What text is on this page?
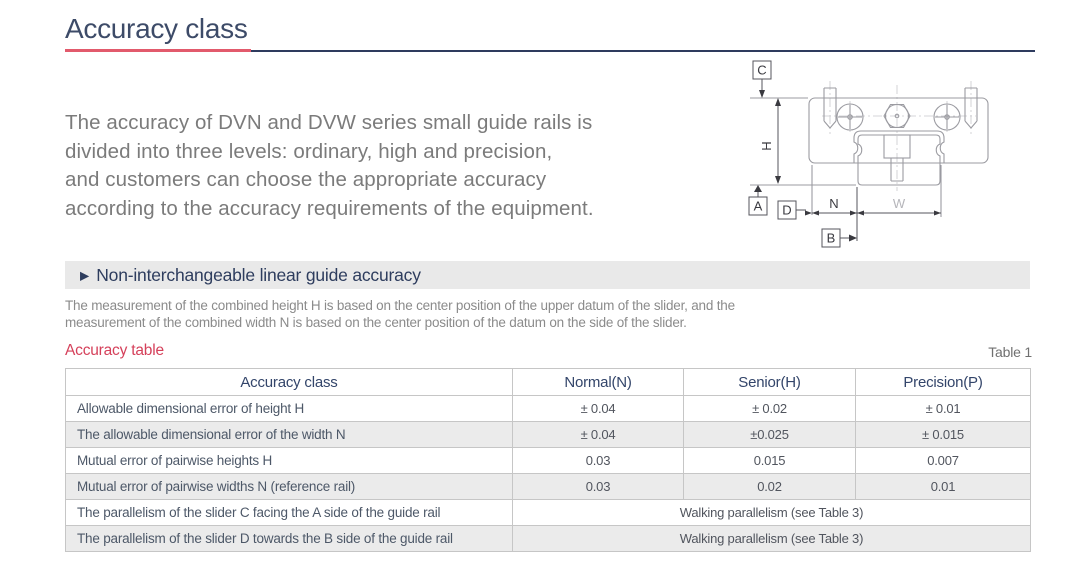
Accuracy class
The accuracy of DVN and DVW series small guide rails is
divided into three levels: ordinary, high and precision,
and customers can choose the appropriate accuracy
according to the accuracy requirements of the equipment.
C
A D
B
H
N	W
▶ Non-interchangeable linear guide accuracy
The measurement of the combined height H is based on the center position of the upper datum of the slider, and the
measurement of the combined width N is based on the center position of the datum on the side of the slider.
Accuracy table	Table 1
Accuracy class	Normal(N)	Senior(H)	Precision(P)
Allowable dimensional error of height H	± 0.04	± 0.02	± 0.01
The allowable dimensional error of the width N	± 0.04	±0.025	± 0.015
Mutual error of pairwise heights H	0.03	0.015	0.007
Mutual error of pairwise widths N (reference rail)	0.03	0.02	0.01
The parallelism of the slider C facing the A side of the guide rail	Walking parallelism (see Table 3)		
The parallelism of the slider D towards the B side of the guide rail	Walking parallelism (see Table 3)		
